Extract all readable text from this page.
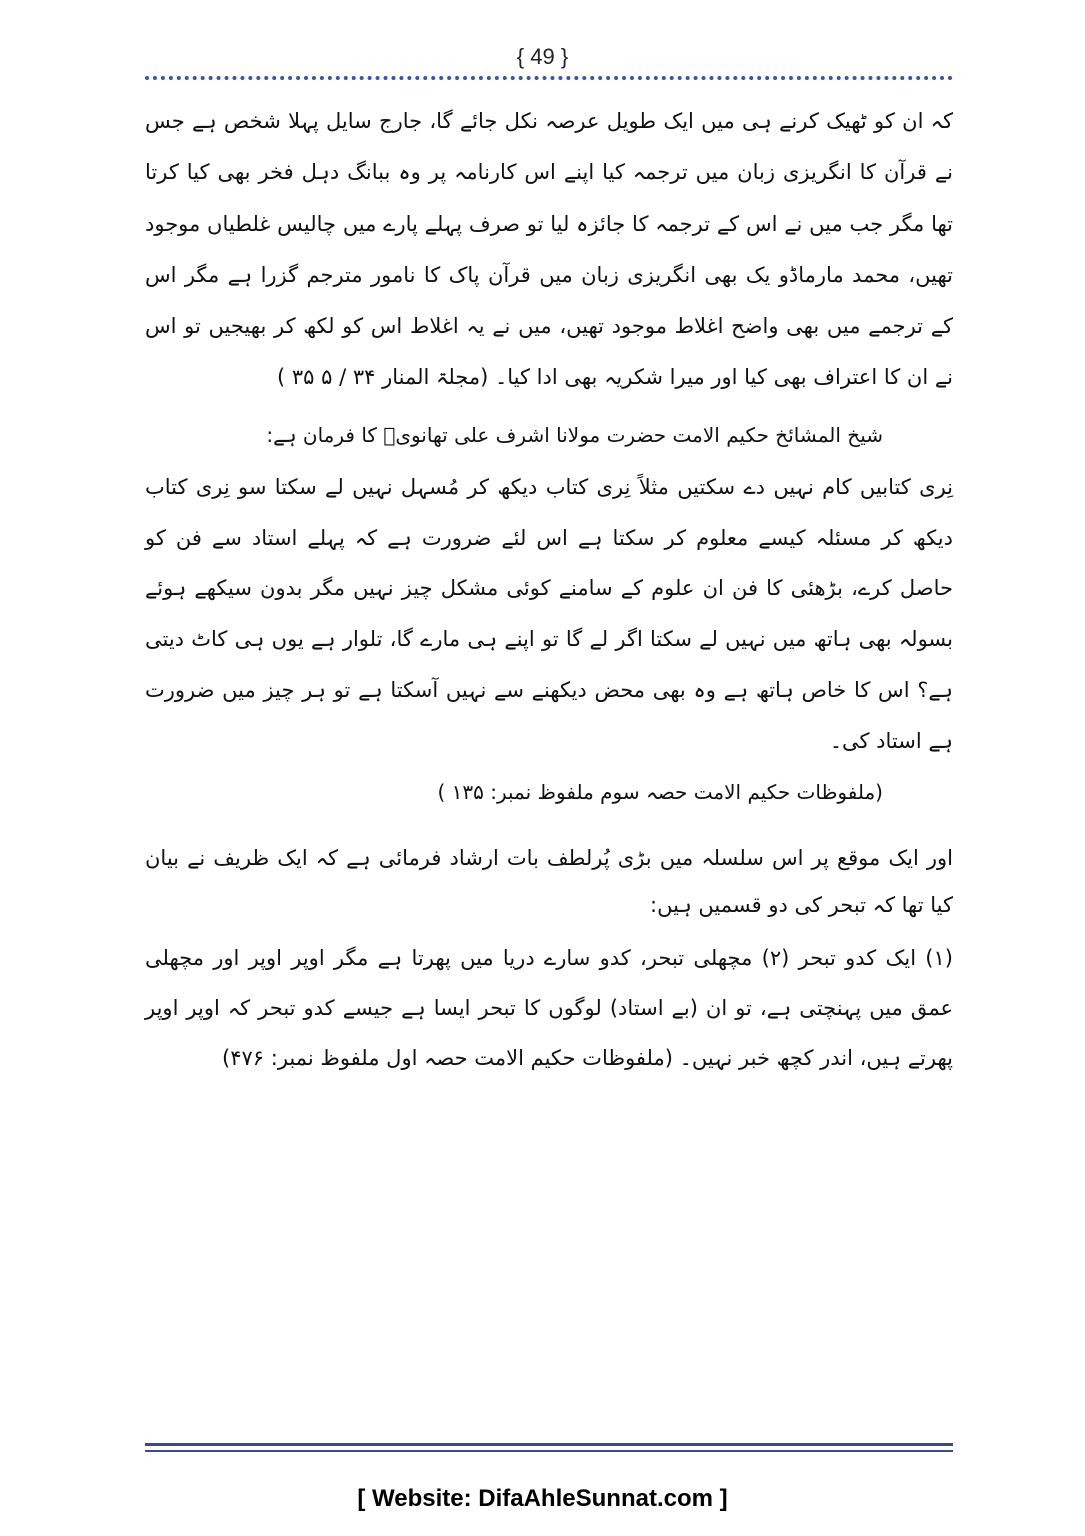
{ 49 }

کہ ان کو ٹھیک کرنے ہی میں ایک طویل عرصہ نکل جائے گا، جارج سایل پہلا شخص ہے جس نے قرآن کا انگریزی زبان میں ترجمہ کیا اپنے اس کارنامہ پر وہ ببانگ دہل فخر بھی کیا کرتا تھا مگر جب میں نے اس کے ترجمہ کا جائزہ لیا تو صرف پہلے پارے میں چالیس غلطیاں موجود تھیں، محمد مارماڈو یک بھی انگریزی زبان میں قرآن پاک کا نامور مترجم گزرا ہے مگر اس کے ترجمے میں بھی واضح اغلاط موجود تھیں، میں نے یہ اغلاط اس کو لکھ کر بھیجیں تو اس نے ان کا اعتراف بھی کیا اور میرا شکریہ بھی ادا کیا۔ (مجلۃ المنار ۳۴ / ۵ ۳۵ )

شیخ المشائخ حکیم الامت حضرت مولانا اشرف علی تھانویؒ کا فرمان ہے:

نِری کتابیں کام نہیں دے سکتیں مثلاً نِری کتاب دیکھ کر مُسہل نہیں لے سکتا سو نِری کتاب دیکھ کر مسئلہ کیسے معلوم کر سکتا ہے اس لئے ضرورت ہے کہ پہلے استاد سے فن کو حاصل کرے، بڑھئی کا فن ان علوم کے سامنے کوئی مشکل چیز نہیں مگر بدون سیکھے ہوئے بسولہ بھی ہاتھ میں نہیں لے سکتا اگر لے گا تو اپنے ہی مارے گا، تلوار ہے یوں ہی کاٹ دیتی ہے؟ اس کا خاص ہاتھ ہے وہ بھی محض دیکھنے سے نہیں آسکتا ہے تو ہر چیز میں ضرورت ہے استاد کی۔

(ملفوظات حکیم الامت حصہ سوم ملفوظ نمبر: ۱۳۵ )

اور ایک موقع پر اس سلسلہ میں بڑی پُرلطف بات ارشاد فرمائی ہے کہ ایک ظریف نے بیان کیا تھا کہ تبحر کی دو قسمیں ہیں:

(۱) ایک کدو تبحر (۲) مچھلی تبحر، کدو سارے دریا میں پھرتا ہے مگر اوپر اوپر اور مچھلی عمق میں پہنچتی ہے، تو ان (بے استاد) لوگوں کا تبحر ایسا ہے جیسے کدو تبحر کہ اوپر اوپر پھرتے ہیں، اندر کچھ خبر نہیں۔ (ملفوظات حکیم الامت حصہ اول ملفوظ نمبر: ۴۷۶)

[ Website: DifaAhleSunnat.com ]
